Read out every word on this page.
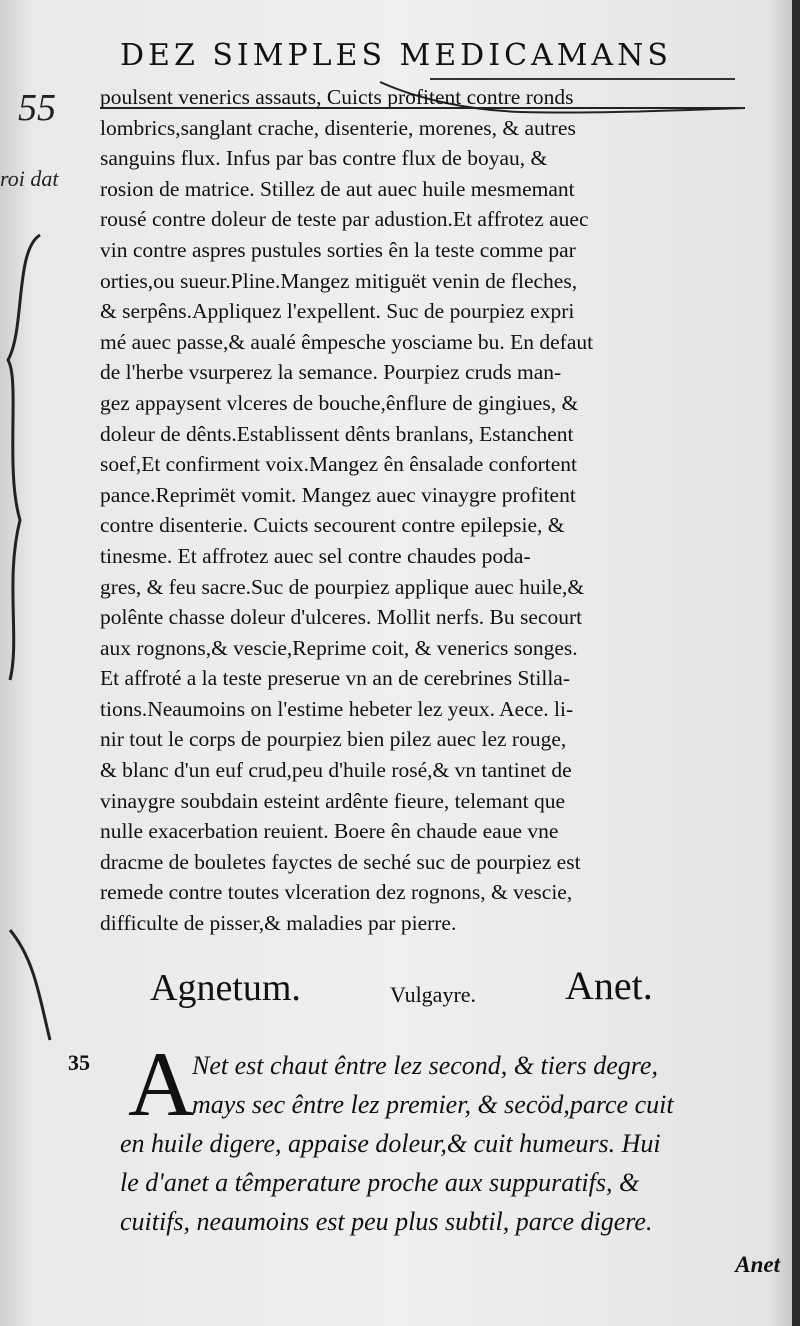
DEZ SIMPLES MEDICAMANS
55
roi dat
poulsent venerics assauts, Cuicts profitent contre ronds
lombrics,sanglant crache, disenterie, morenes, & autres
sanguins flux. Infus par bas contre flux de boyau, &
rosion de matrice. Stillez de aut auec huile mesmemant
rousé contre doleur de teste par adustion.Et affrotez auec
vin contre aspres pustules sorties ên la teste comme par
orties,ou sueur.Pline.Mangez mitiguët venin de fleches,
& serpêns.Appliquez l'expellent. Suc de pourpiez expri
mé auec passe,& aualé êmpesche yosciame bu. En defaut
de l'herbe vsurperez la semance. Pourpiez cruds man-
gez appaysent vlceres de bouche,ênflure de gingiues, &
doleur de dênts.Establissent dênts branlans, Estanchent
soef,Et confirment voix.Mangez ên ênsalade confortent
pance.Reprimët vomit. Mangez auec vinaygre profitent
contre disenterie. Cuicts secourent contre epilepsie, &
tinesme. Et affrotez auec sel contre chaudes poda-
gres, & feu sacre.Suc de pourpiez applique auec huile,&
polênte chasse doleur d'ulceres. Mollit nerfs. Bu secourt
aux rognons,& vescie,Reprime coit, & venerics songes.
Et affroté a la teste preserue vn an de cerebrines Stilla-
tions.Neaumoins on l'estime hebeter lez yeux. Aece. li-
nir tout le corps de pourpiez bien pilez auec lez rouge,
& blanc d'un euf crud,peu d'huile rosé,& vn tantinet de
vinaygre soubdain esteint ardênte fieure, telemant que
nulle exacerbation reuient. Boere ên chaude eaue vne
dracme de bouletes fayctes de seché suc de pourpiez est
remede contre toutes vlceration dez rognons, & vescie,
difficulte de pisser,& maladies par pierre.
Agnetum.	Vulgayre. Anet.
35 A
Net est chaut êntre lez second, & tiers degre,
mays sec êntre lez premier, & secöd,parce cuit
en huile digere, appaise doleur,& cuit humeurs. Hui
le d'anet a têmperature proche aux suppuratifs, &
cuitifs, neaumoins est peu plus subtil, parce digere.
Anet
